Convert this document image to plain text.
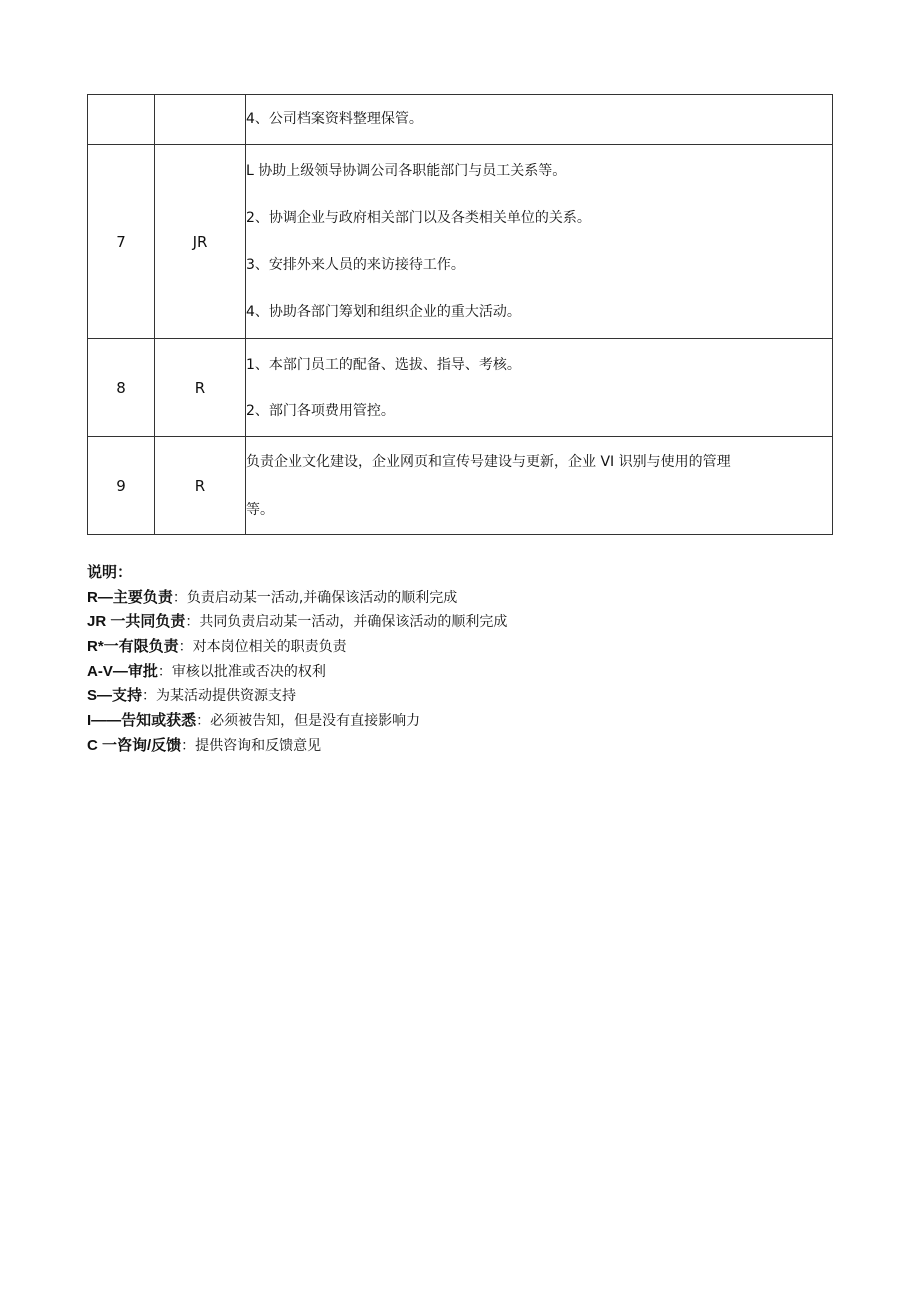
		4、公司档案资料整理保管。

7	JR	L 协助上级领导协调公司各职能部门与员工关系等。
2、协调企业与政府相关部门以及各类相关单位的关系。
3、安排外来人员的来访接待工作。
4、协助各部门筹划和组织企业的重大活动。

8	R	1、本部门员工的配备、选拔、指导、考核。
2、部门各项费用管控。

9	R	负责企业文化建设，企业网页和宣传号建设与更新，企业 VI 识别与使用的管理
等。
说明：
R—主要负责：负责启动某一活动,并确保该活动的顺利完成
JR 一共同负责：共同负责启动某一活动，并确保该活动的顺利完成
R*一有限负责：对本岗位相关的职责负责
A-V—审批：审核以批准或否决的权利
S—支持：为某活动提供资源支持
I——告知或获悉：必须被告知，但是没有直接影响力
C 一咨询/反馈：提供咨询和反馈意见
